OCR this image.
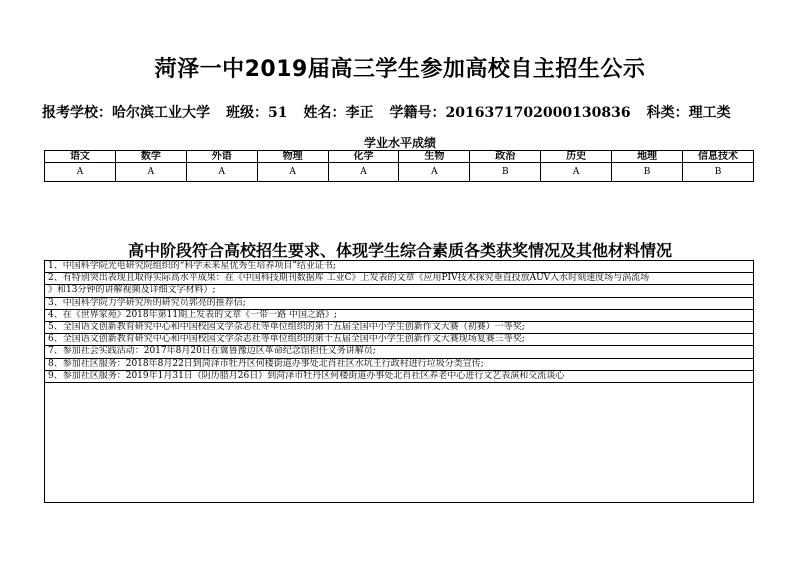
菏泽一中2019届高三学生参加高校自主招生公示
报考学校：哈尔滨工业大学 班级：51 姓名：李正 学籍号：2016371702000130836 科类：理工类
学业水平成绩
语文	数学	外语	物理	化学	生物	政治	历史	地理	信息技术
A	A	A	A	A	A	B	A	B	B
高中阶段符合高校招生要求、体现学生综合素质各类获奖情况及其他材料情况
1、中国科学院光电研究院组织的“科学未来星优秀生培养项目”结业证书;
2、有特别突出表现且取得实际高水平成果：在《中国科技期刊数据库 工业C》上发表的文章《应用PIV技术探究垂直投放AUV入水时刻速度场与涡流场
》和13分钟的讲解视频及详细文字材料）;
3、中国科学院力学研究所的研究员郭亮的推荐信;
4、在《世界家苑》2018年第11期上发表的文章《一带一路 中国之路》;
5、全国语文创新教育研究中心和中国校园文学杂志社等单位组织的第十五届全国中小学生创新作文大赛（初赛）一等奖;
6、全国语文创新教育研究中心和中国校园文学杂志社等单位组织的第十五届全国中小学生创新作文大赛现场复赛三等奖;
7、参加社会实践活动：2017年8月20日在冀鲁豫边区革命纪念馆担任义务讲解员;
8、参加社区服务：2018年8月22日到菏泽市牡丹区何楼街道办事处北肖社区水坑王行政村进行垃圾分类宣传;
9、参加社区服务：2019年1月31日（阴历腊月26日）到菏泽市牡丹区何楼街道办事处北肖社区养老中心进行文艺表演和交流谈心
